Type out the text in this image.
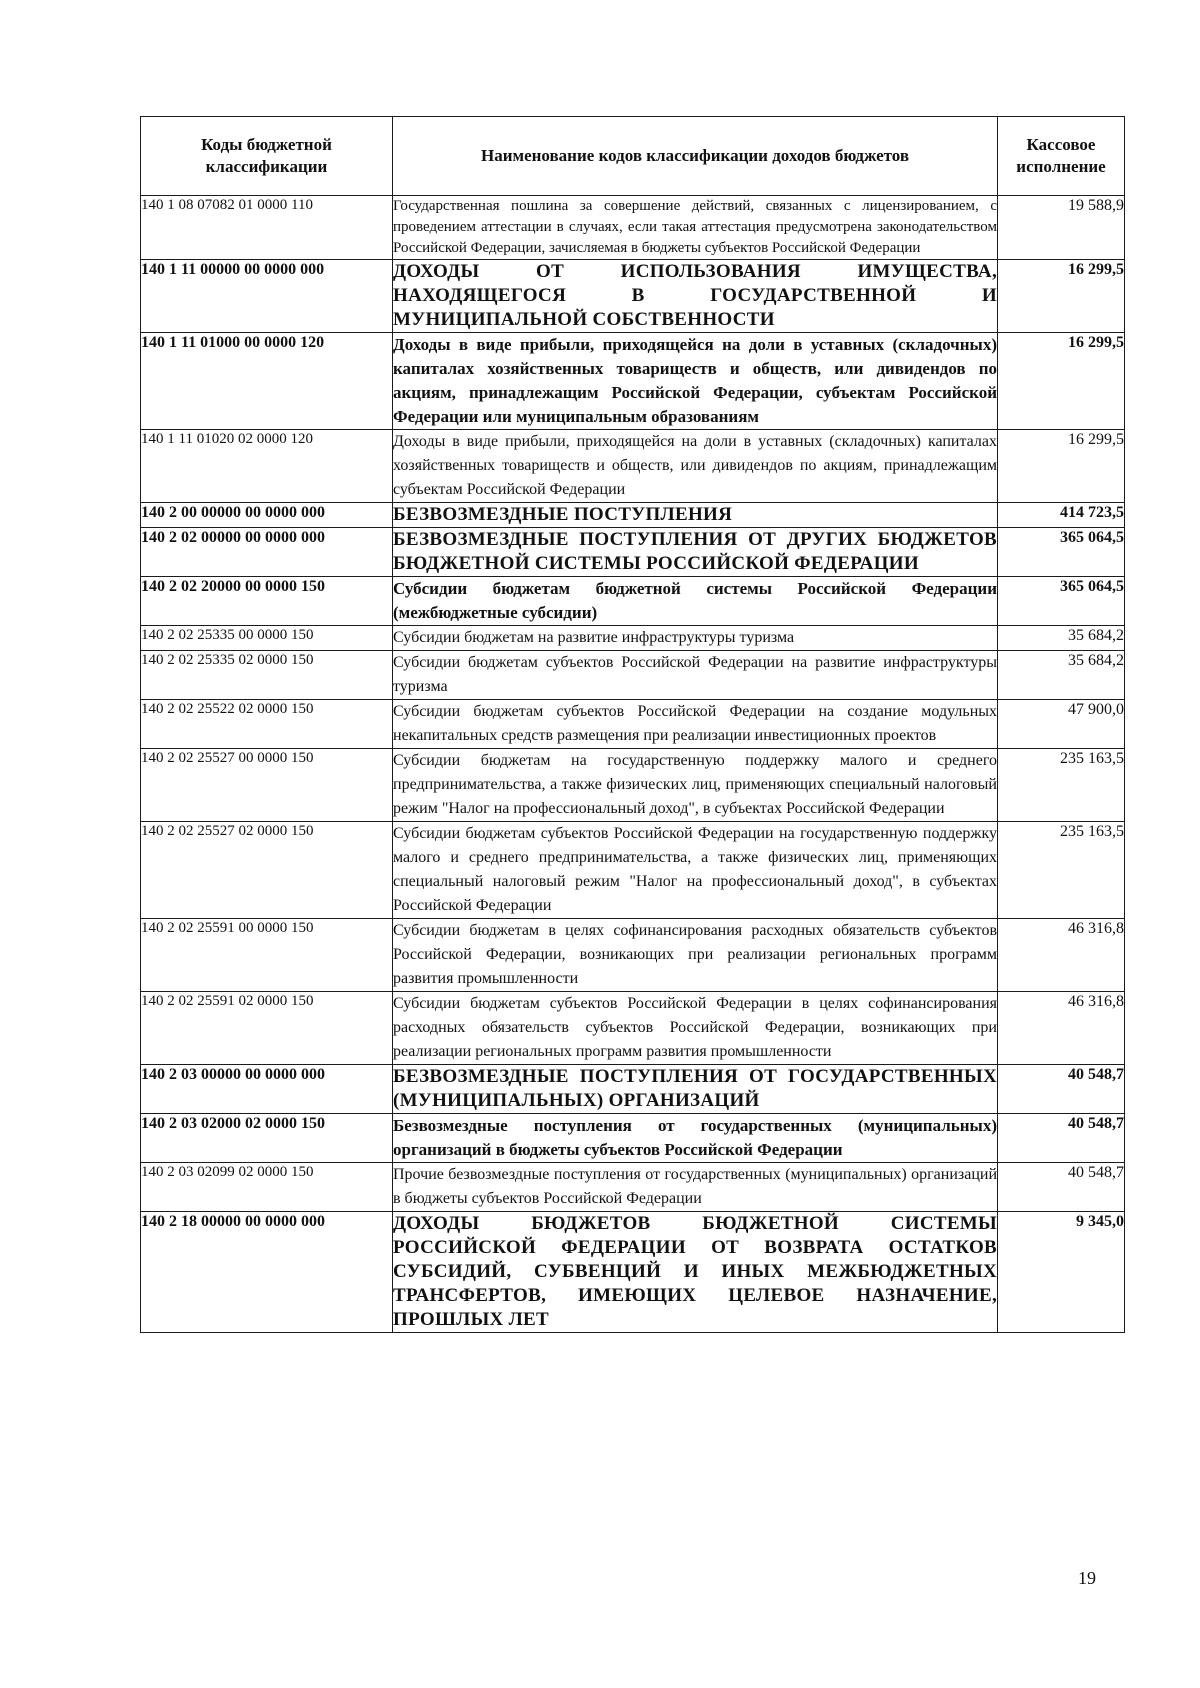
Коды бюджетной классификации	Наименование кодов классификации доходов бюджетов	Кассовое исполнение
140 1 08 07082 01 0000 110	Государственная пошлина за совершение действий, связанных с лицензированием, с проведением аттестации в случаях, если такая аттестация предусмотрена законодательством Российской Федерации, зачисляемая в бюджеты субъектов Российской Федерации	19 588,9
140 1 11 00000 00 0000 000	ДОХОДЫ ОТ ИСПОЛЬЗОВАНИЯ ИМУЩЕСТВА, НАХОДЯЩЕГОСЯ В ГОСУДАРСТВЕННОЙ И МУНИЦИПАЛЬНОЙ СОБСТВЕННОСТИ	16 299,5
140 1 11 01000 00 0000 120	Доходы в виде прибыли, приходящейся на доли в уставных (складочных) капиталах хозяйственных товариществ и обществ, или дивидендов по акциям, принадлежащим Российской Федерации, субъектам Российской Федерации или муниципальным образованиям	16 299,5
140 1 11 01020 02 0000 120	Доходы в виде прибыли, приходящейся на доли в уставных (складочных) капиталах хозяйственных товариществ и обществ, или дивидендов по акциям, принадлежащим субъектам Российской Федерации	16 299,5
140 2 00 00000 00 0000 000	БЕЗВОЗМЕЗДНЫЕ ПОСТУПЛЕНИЯ	414 723,5
140 2 02 00000 00 0000 000	БЕЗВОЗМЕЗДНЫЕ ПОСТУПЛЕНИЯ ОТ ДРУГИХ БЮДЖЕТОВ БЮДЖЕТНОЙ СИСТЕМЫ РОССИЙСКОЙ ФЕДЕРАЦИИ	365 064,5
140 2 02 20000 00 0000 150	Субсидии бюджетам бюджетной системы Российской Федерации (межбюджетные субсидии)	365 064,5
140 2 02 25335 00 0000 150	Субсидии бюджетам на развитие инфраструктуры туризма	35 684,2
140 2 02 25335 02 0000 150	Субсидии бюджетам субъектов Российской Федерации на развитие инфраструктуры туризма	35 684,2
140 2 02 25522 02 0000 150	Субсидии бюджетам субъектов Российской Федерации на создание модульных некапитальных средств размещения при реализации инвестиционных проектов	47 900,0
140 2 02 25527 00 0000 150	Субсидии бюджетам на государственную поддержку малого и среднего предпринимательства, а также физических лиц, применяющих специальный налоговый режим "Налог на профессиональный доход", в субъектах Российской Федерации	235 163,5
140 2 02 25527 02 0000 150	Субсидии бюджетам субъектов Российской Федерации на государственную поддержку малого и среднего предпринимательства, а также физических лиц, применяющих специальный налоговый режим "Налог на профессиональный доход", в субъектах Российской Федерации	235 163,5
140 2 02 25591 00 0000 150	Субсидии бюджетам в целях софинансирования расходных обязательств субъектов Российской Федерации, возникающих при реализации региональных программ развития промышленности	46 316,8
140 2 02 25591 02 0000 150	Субсидии бюджетам субъектов Российской Федерации в целях софинансирования расходных обязательств субъектов Российской Федерации, возникающих при реализации региональных программ развития промышленности	46 316,8
140 2 03 00000 00 0000 000	БЕЗВОЗМЕЗДНЫЕ ПОСТУПЛЕНИЯ ОТ ГОСУДАРСТВЕННЫХ (МУНИЦИПАЛЬНЫХ) ОРГАНИЗАЦИЙ	40 548,7
140 2 03 02000 02 0000 150	Безвозмездные поступления от государственных (муниципальных) организаций в бюджеты субъектов Российской Федерации	40 548,7
140 2 03 02099 02 0000 150	Прочие безвозмездные поступления от государственных (муниципальных) организаций в бюджеты субъектов Российской Федерации	40 548,7
140 2 18 00000 00 0000 000	ДОХОДЫ БЮДЖЕТОВ БЮДЖЕТНОЙ СИСТЕМЫ РОССИЙСКОЙ ФЕДЕРАЦИИ ОТ ВОЗВРАТА ОСТАТКОВ СУБСИДИЙ, СУБВЕНЦИЙ И ИНЫХ МЕЖБЮДЖЕТНЫХ ТРАНСФЕРТОВ, ИМЕЮЩИХ ЦЕЛЕВОЕ НАЗНАЧЕНИЕ, ПРОШЛЫХ ЛЕТ	9 345,0
19
